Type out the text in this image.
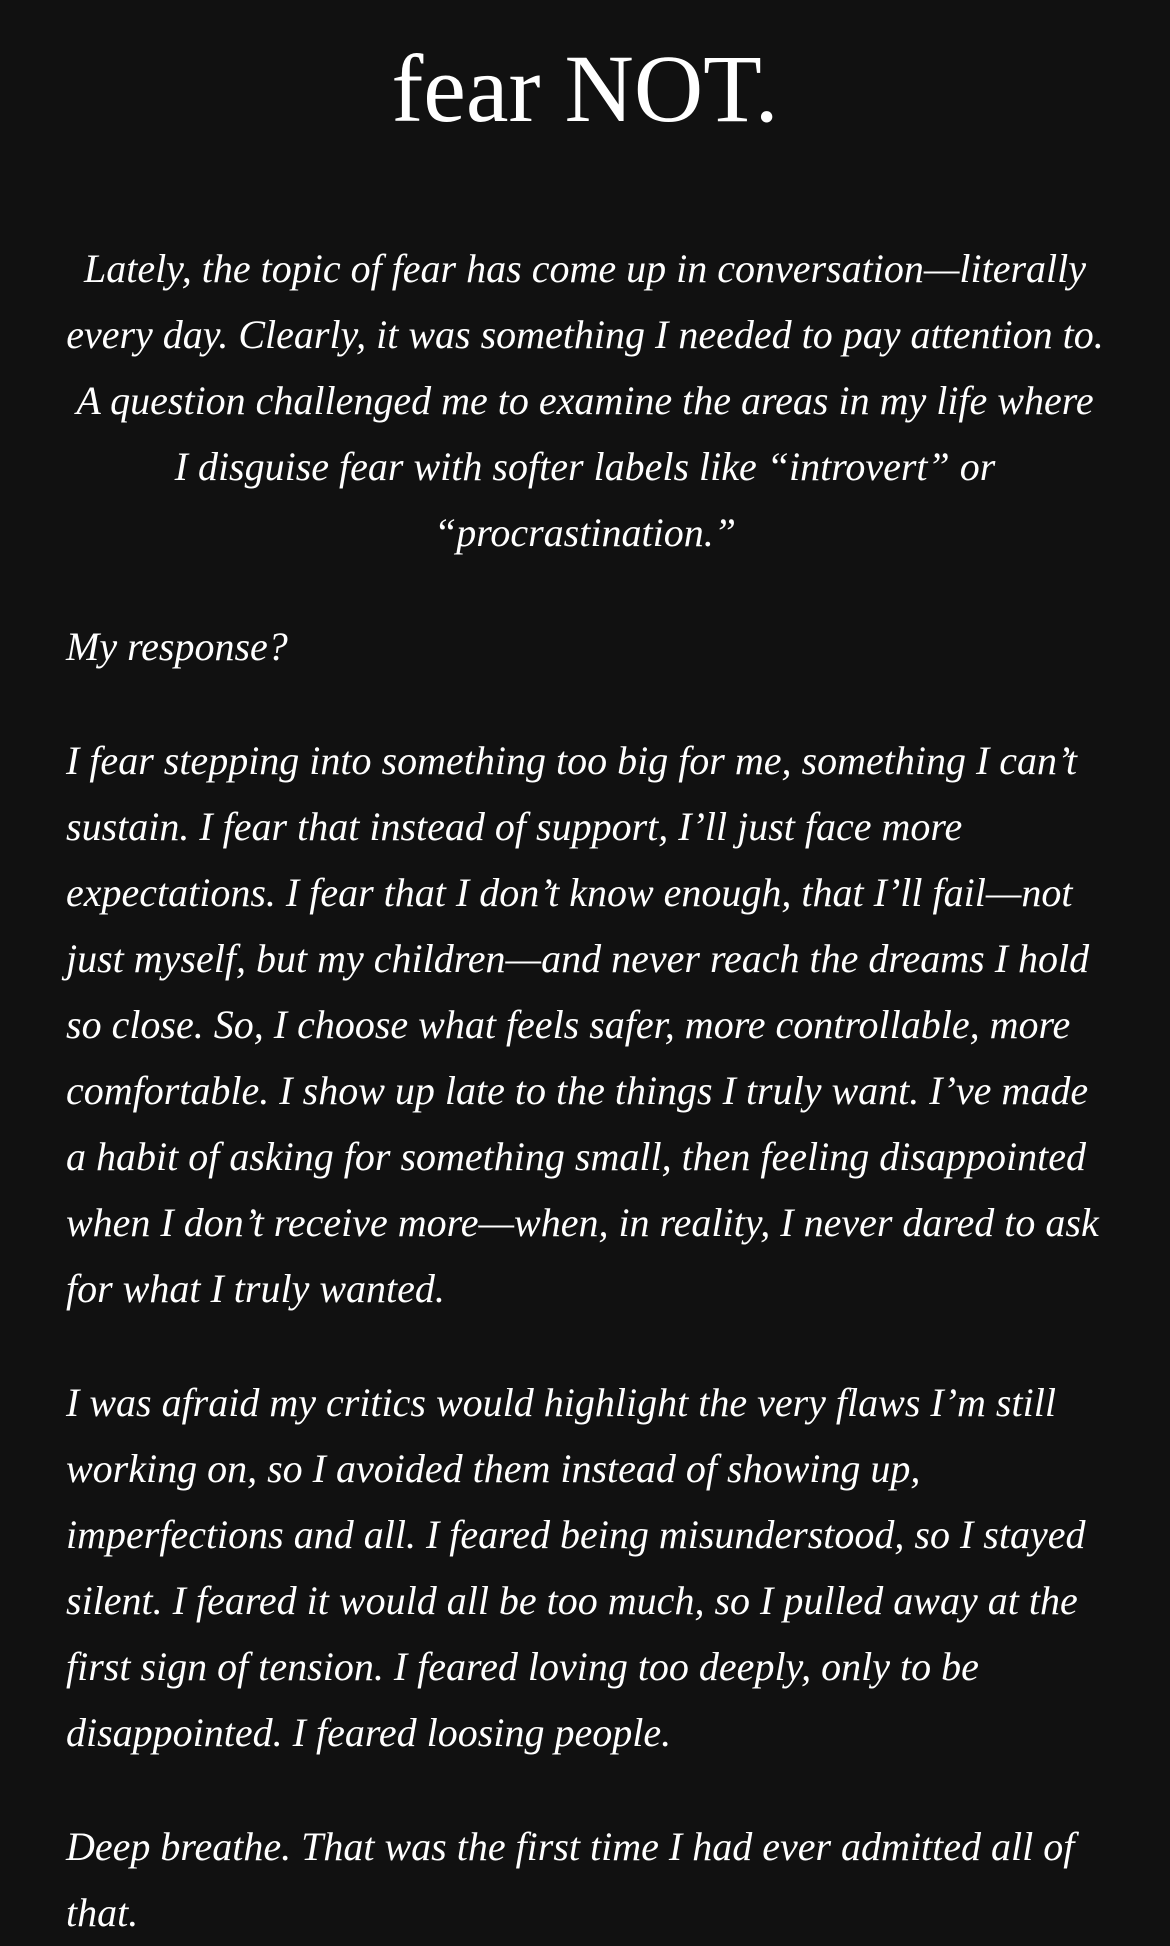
fear NOT.

Lately, the topic of fear has come up in conversation—literally every day. Clearly, it was something I needed to pay attention to. A question challenged me to examine the areas in my life where I disguise fear with softer labels like “introvert” or “procrastination.”

My response?

I fear stepping into something too big for me, something I can’t sustain. I fear that instead of support, I’ll just face more expectations. I fear that I don’t know enough, that I’ll fail—not just myself, but my children—and never reach the dreams I hold so close. So, I choose what feels safer, more controllable, more comfortable. I show up late to the things I truly want. I’ve made a habit of asking for something small, then feeling disappointed when I don’t receive more—when, in reality, I never dared to ask for what I truly wanted.

I was afraid my critics would highlight the very flaws I’m still working on, so I avoided them instead of showing up, imperfections and all. I feared being misunderstood, so I stayed silent. I feared it would all be too much, so I pulled away at the first sign of tension. I feared loving too deeply, only to be disappointed. I feared loosing people.

Deep breathe. That was the first time I had ever admitted all of that.
